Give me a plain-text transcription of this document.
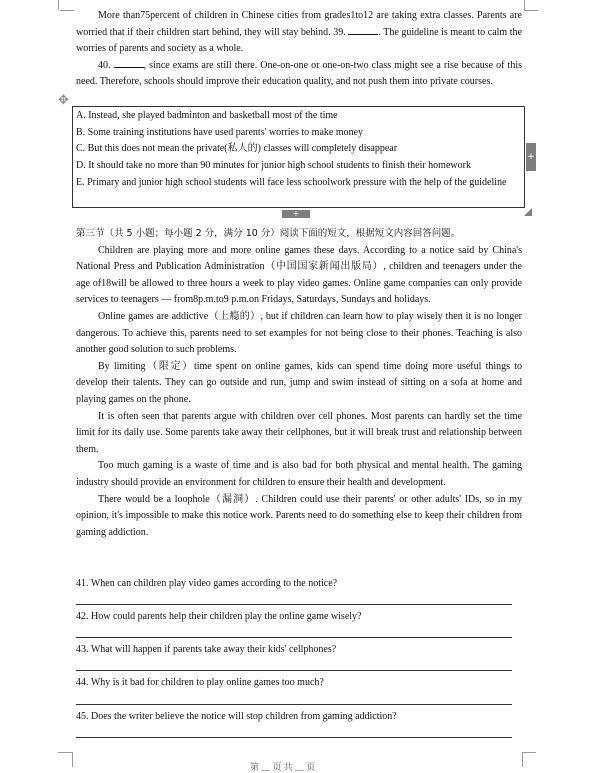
More than75percent of children in Chinese cities from grades1to12 are taking extra classes. Parents are worried that if their children start behind, they will stay behind. 39.	. The guideline is meant to calm the worries of parents and society as a whole.

40.	, since exams are still there. One-on-one or one-on-two class might see a rise because of this need. Therefore, schools should improve their education quality, and not push them into private courses.

✥
A. Instead, she played badminton and basketball most of the time
B. Some training institutions have used parents' worries to make money
C. But this does not mean the private(私人的) classes will completely disappear
D. It should take no more than 90 minutes for junior high school students to finish their homework
E. Primary and junior high school students will face less schoolwork pressure with the help of the guideline
+
+

第三节（共 5 小题；每小题 2 分，满分 10 分）阅读下面的短文，根据短文内容回答问题。

Children are playing more and more online games these days. According to a notice said by China's National Press and Publication Administration（中国国家新闻出版局）, children and teenagers under the age of18will be allowed to three hours a week to play video games. Online game companies can only provide services to teenagers — from8p.m.to9 p.m.on Fridays, Saturdays, Sundays and holidays.

Online games are addictive（上瘾的）, but if children can learn how to play wisely then it is no longer dangerous. To achieve this, parents need to set examples for not being close to their phones. Teaching is also another good solution to such problems.

By limiting（限定）time spent on online games, kids can spend time doing more useful things to develop their talents. They can go outside and run, jump and swim instead of sitting on a sofa at home and playing games on the phone.

It is often seen that parents argue with children over cell phones. Most parents can hardly set the time limit for its daily use. Some parents take away their cellphones, but it will break trust and relationship between them.

Too much gaming is a waste of time and is also bad for both physical and mental health. The gaming industry should provide an environment for children to ensure their health and development.

There would be a loophole（漏洞）. Children could use their parents' or other adults' IDs, so in my opinion, it's impossible to make this notice work. Parents need to do something else to keep their children from gaming addiction.

41. When can children play video games according to the notice?
42. How could parents help their children play the online game wisely?
43. What will happen if parents take away their kids' cellphones?
44. Why is it bad for children to play online games too much?
45. Does the writer believe the notice will stop children from gaming addiction?
第 __ 页 共 __ 页
